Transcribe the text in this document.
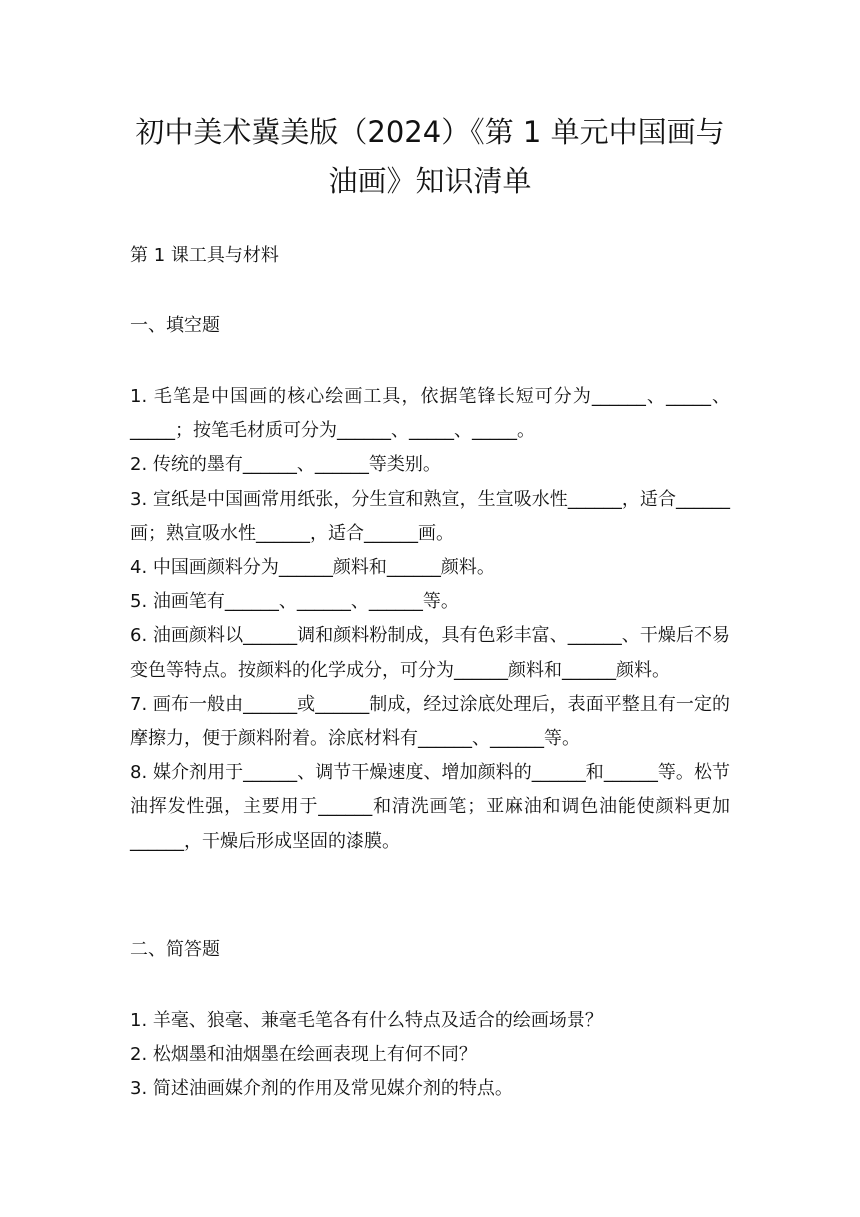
初中美术冀美版（2024）《第 1 单元中国画与油画》知识清单

第 1 课工具与材料

一、填空题

1. 毛笔是中国画的核心绘画工具，依据笔锋长短可分为______、_____、_____；按笔毛材质可分为______、_____、_____。
2. 传统的墨有______、______等类别。
3. 宣纸是中国画常用纸张，分生宣和熟宣，生宣吸水性______，适合______画；熟宣吸水性______，适合______画。
4. 中国画颜料分为______颜料和______颜料。
5. 油画笔有______、______、______等。
6. 油画颜料以______调和颜料粉制成，具有色彩丰富、______、干燥后不易变色等特点。按颜料的化学成分，可分为______颜料和______颜料。
7. 画布一般由______或______制成，经过涂底处理后，表面平整且有一定的摩擦力，便于颜料附着。涂底材料有______、______等。
8. 媒介剂用于______、调节干燥速度、增加颜料的______和______等。松节油挥发性强，主要用于______和清洗画笔；亚麻油和调色油能使颜料更加______，干燥后形成坚固的漆膜。

二、简答题

1. 羊毫、狼毫、兼毫毛笔各有什么特点及适合的绘画场景？
2. 松烟墨和油烟墨在绘画表现上有何不同？
3. 简述油画媒介剂的作用及常见媒介剂的特点。
